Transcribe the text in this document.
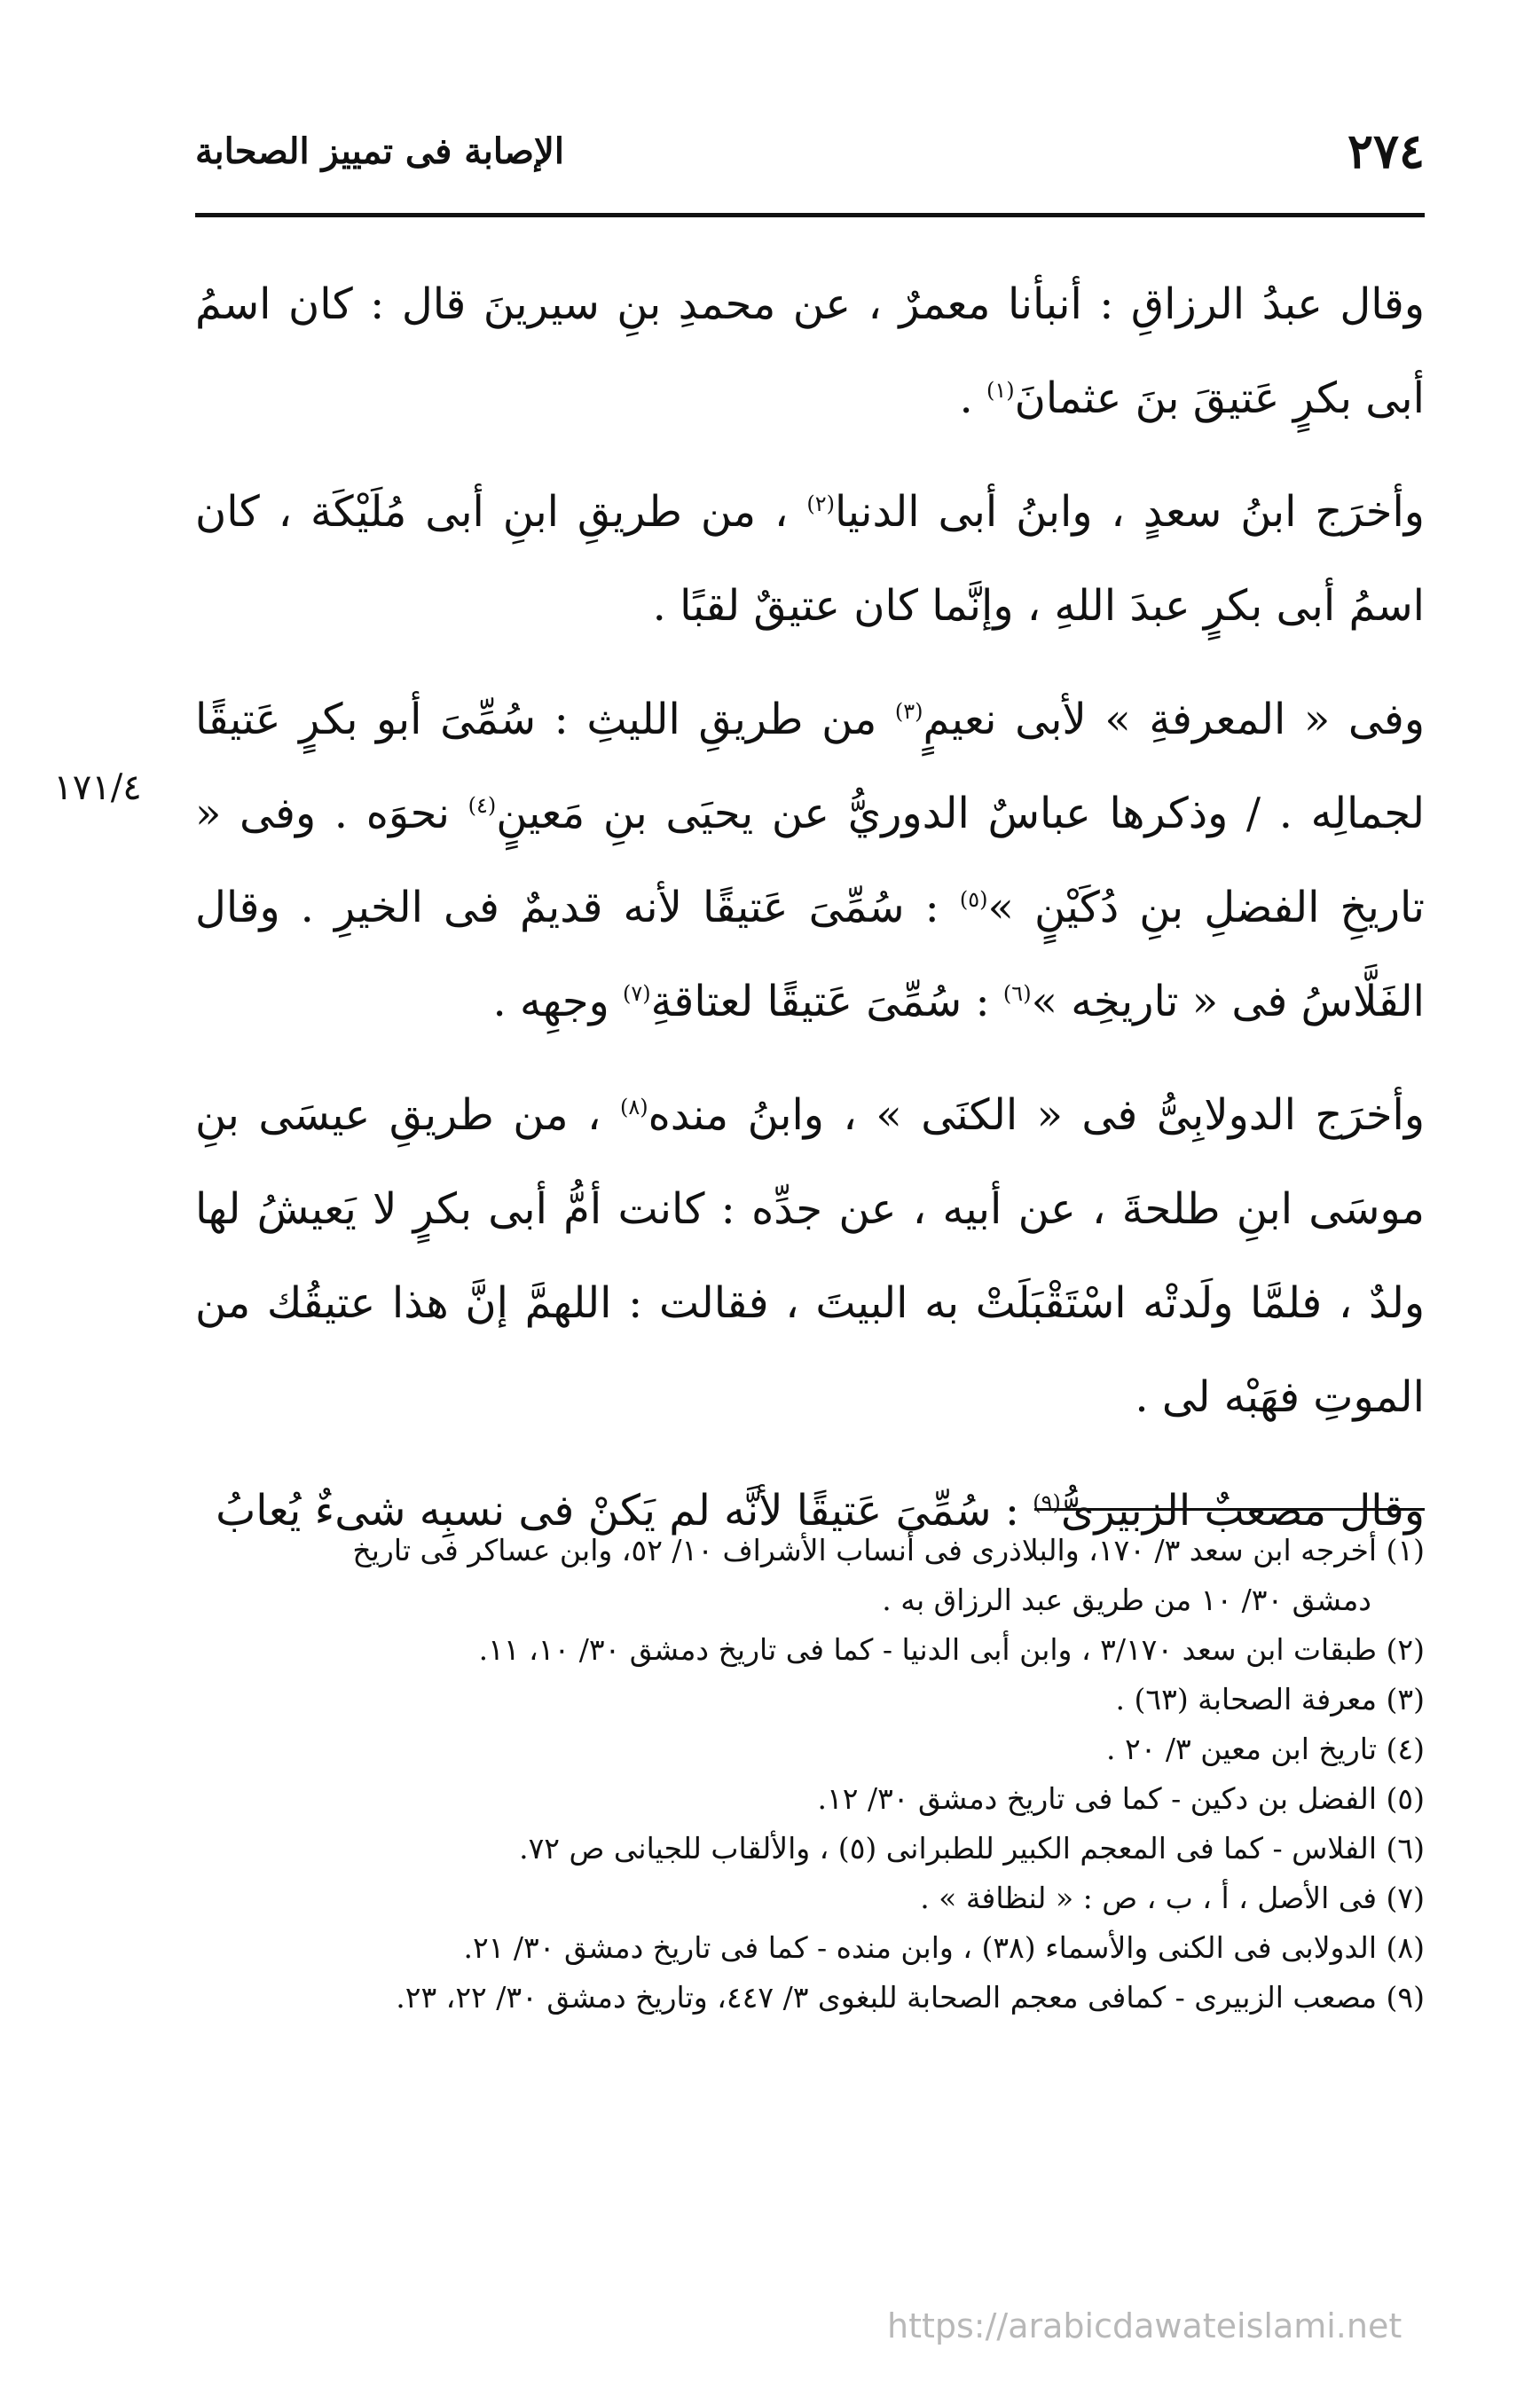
٢٧٤
الإصابة فى تمييز الصحابة
١٧١/٤

وقال عبدُ الرزاقِ : أنبأنا معمرٌ ، عن محمدِ بنِ سيرينَ قال : كان اسمُ أبى بكرٍ عَتيقَ بنَ عثمانَ$^{(١)}$ .

وأخرَج ابنُ سعدٍ ، وابنُ أبى الدنيا$^{(٢)}$ ، من طريقِ ابنِ أبى مُلَيْكَة ، كان اسمُ أبى بكرٍ عبدَ اللهِ ، وإنَّما كان عتيقٌ لقبًا .

وفى « المعرفةِ » لأبى نعيمٍ$^{(٣)}$ من طريقِ الليثِ : سُمِّىَ أبو بكرٍ عَتيقًا لجمالِه . / وذكرها عباسٌ الدوريُّ عن يحيَى بنِ مَعينٍ$^{(٤)}$ نحوَه . وفى « تاريخِ الفضلِ بنِ دُكَيْنٍ »$^{(٥)}$ : سُمِّىَ عَتيقًا لأنه قديمٌ فى الخيرِ . وقال الفَلَّاسُ فى « تاريخِه »$^{(٦)}$ : سُمِّىَ عَتيقًا لعتاقةِ$^{(٧)}$ وجهِه .

وأخرَج الدولابِىُّ فى « الكنَى » ، وابنُ منده$^{(٨)}$ ، من طريقِ عيسَى بنِ موسَى ابنِ طلحةَ ، عن أبيه ، عن جدِّه : كانت أمُّ أبى بكرٍ لا يَعيشُ لها ولدٌ ، فلمَّا ولَدتْه اسْتَقْبَلَتْ به البيتَ ، فقالت : اللهمَّ إنَّ هذا عتيقُك من الموتِ فهَبْه لى .

وقال مصعبٌ الزبيرىُّ$^{(٩)}$ : سُمِّىَ عَتيقًا لأنَّه لم يَكنْ فى نسبِه شىءٌ يُعابُ

(١) أخرجه ابن سعد ٣/ ١٧٠، والبلاذرى فى أنساب الأشراف ١٠/ ٥٢، وابن عساكر فى تاريخ

دمشق ٣٠/ ١٠ من طريق عبد الرزاق به .

(٢) طبقات ابن سعد ٣/١٧٠ ، وابن أبى الدنيا - كما فى تاريخ دمشق ٣٠/ ١٠، ١١.

(٣) معرفة الصحابة (٦٣) .

(٤) تاريخ ابن معين ٣/ ٢٠ .

(٥) الفضل بن دكين - كما فى تاريخ دمشق ٣٠/ ١٢.

(٦) الفلاس - كما فى المعجم الكبير للطبرانى (٥) ، والألقاب للجيانى ص ٧٢.

(٧) فى الأصل ، أ ، ب ، ص : « لنظافة » .

(٨) الدولابى فى الكنى والأسماء (٣٨) ، وابن منده - كما فى تاريخ دمشق ٣٠/ ٢١.

(٩) مصعب الزبيرى - كمافى معجم الصحابة للبغوى ٣/ ٤٤٧، وتاريخ دمشق ٣٠/ ٢٢، ٢٣.

https://arabicdawateislami.net
